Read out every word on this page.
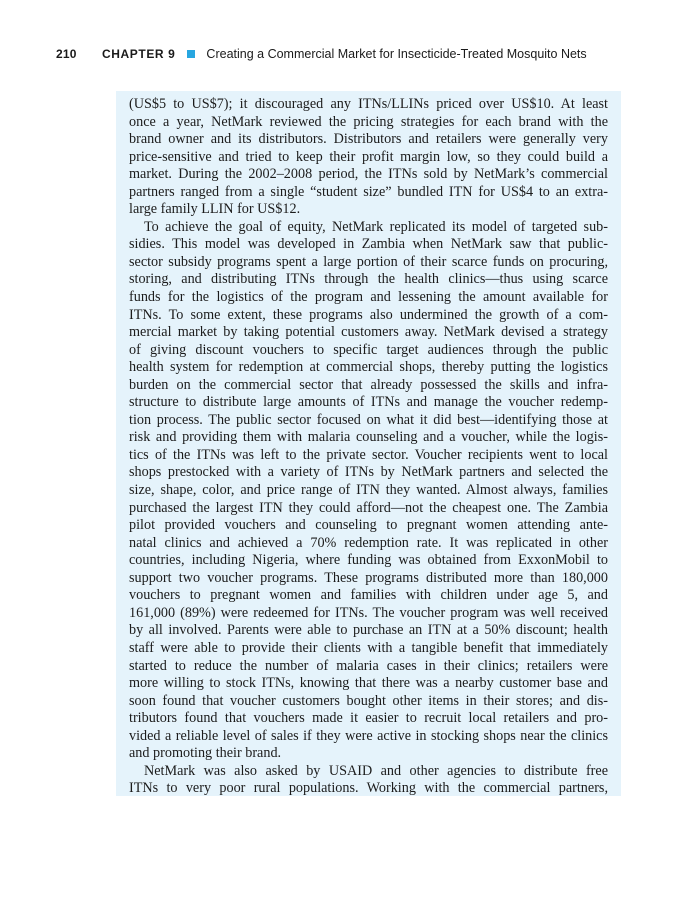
210 CHAPTER 9 Creating a Commercial Market for Insecticide-Treated Mosquito Nets
(US$5 to US$7); it discouraged any ITNs/LLINs priced over US$10. At least
once a year, NetMark reviewed the pricing strategies for each brand with the
brand owner and its distributors. Distributors and retailers were generally very
price-sensitive and tried to keep their profit margin low, so they could build a
market. During the 2002–2008 period, the ITNs sold by NetMark’s commercial
partners ranged from a single “student size” bundled ITN for US$4 to an extra-
large family LLIN for US$12.
To achieve the goal of equity, NetMark replicated its model of targeted sub-
sidies. This model was developed in Zambia when NetMark saw that public-
sector subsidy programs spent a large portion of their scarce funds on procuring,
storing, and distributing ITNs through the health clinics—thus using scarce
funds for the logistics of the program and lessening the amount available for
ITNs. To some extent, these programs also undermined the growth of a com-
mercial market by taking potential customers away. NetMark devised a strategy
of giving discount vouchers to specific target audiences through the public
health system for redemption at commercial shops, thereby putting the logistics
burden on the commercial sector that already possessed the skills and infra-
structure to distribute large amounts of ITNs and manage the voucher redemp-
tion process. The public sector focused on what it did best—identifying those at
risk and providing them with malaria counseling and a voucher, while the logis-
tics of the ITNs was left to the private sector. Voucher recipients went to local
shops prestocked with a variety of ITNs by NetMark partners and selected the
size, shape, color, and price range of ITN they wanted. Almost always, families
purchased the largest ITN they could afford—not the cheapest one. The Zambia
pilot provided vouchers and counseling to pregnant women attending ante-
natal clinics and achieved a 70% redemption rate. It was replicated in other
countries, including Nigeria, where funding was obtained from ExxonMobil to
support two voucher programs. These programs distributed more than 180,000
vouchers to pregnant women and families with children under age 5, and
161,000 (89%) were redeemed for ITNs. The voucher program was well received
by all involved. Parents were able to purchase an ITN at a 50% discount; health
staff were able to provide their clients with a tangible benefit that immediately
started to reduce the number of malaria cases in their clinics; retailers were
more willing to stock ITNs, knowing that there was a nearby customer base and
soon found that voucher customers bought other items in their stores; and dis-
tributors found that vouchers made it easier to recruit local retailers and pro-
vided a reliable level of sales if they were active in stocking shops near the clinics
and promoting their brand.
NetMark was also asked by USAID and other agencies to distribute free
ITNs to very poor rural populations. Working with the commercial partners,
